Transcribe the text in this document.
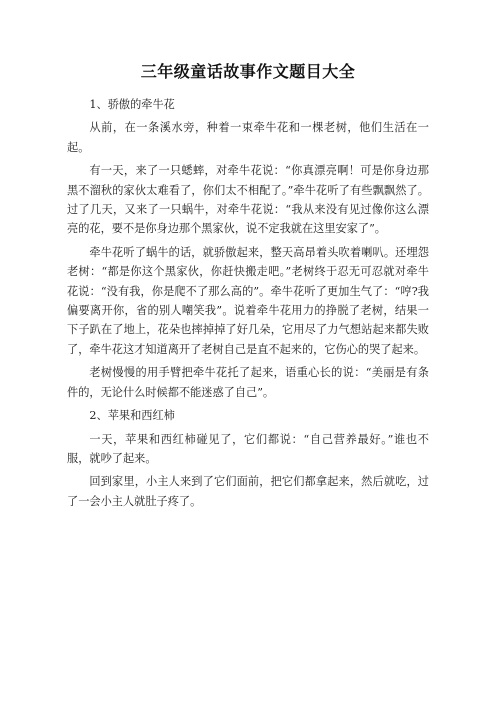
三年级童话故事作文题目大全

1、骄傲的牵牛花

从前，在一条溪水旁，种着一束牵牛花和一棵老树，他们生活在一起。

有一天，来了一只蟋蟀，对牵牛花说：“你真漂亮啊！可是你身边那黑不溜秋的家伙太难看了，你们太不相配了。”牵牛花听了有些飘飘然了。过了几天，又来了一只蜗牛，对牵牛花说：“我从来没有见过像你这么漂亮的花，要不是你身边那个黑家伙，说不定我就在这里安家了”。

牵牛花听了蜗牛的话，就骄傲起来，整天高昂着头吹着喇叭。还埋怨老树：“都是你这个黑家伙，你赶快搬走吧。”老树终于忍无可忍就对牵牛花说：“没有我，你是爬不了那么高的”。牵牛花听了更加生气了：“哼?我偏要离开你，省的别人嘲笑我”。说着牵牛花用力的挣脱了老树，结果一下子趴在了地上，花朵也摔掉掉了好几朵，它用尽了力气想站起来都失败了，牵牛花这才知道离开了老树自己是直不起来的，它伤心的哭了起来。

老树慢慢的用手臂把牵牛花托了起来，语重心长的说：“美丽是有条件的，无论什么时候都不能迷惑了自己”。

2、苹果和西红柿

一天，苹果和西红柿碰见了，它们都说：“自己营养最好。”谁也不服，就吵了起来。

回到家里，小主人来到了它们面前，把它们都拿起来，然后就吃，过了一会小主人就肚子疼了。
